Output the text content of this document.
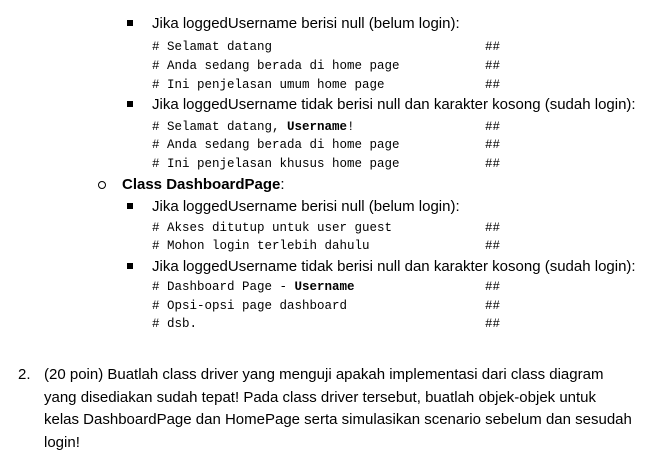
Jika loggedUsername berisi null (belum login):
# Selamat datang
# Anda sedang berada di home page
# Ini penjelasan umum home page
##
##
##
Jika loggedUsername tidak berisi null dan karakter kosong (sudah login):
# Selamat datang, Username!
# Anda sedang berada di home page
# Ini penjelasan khusus home page
##
##
##
Class DashboardPage:
Jika loggedUsername berisi null (belum login):
# Akses ditutup untuk user guest
# Mohon login terlebih dahulu
##
##
Jika loggedUsername tidak berisi null dan karakter kosong (sudah login):
# Dashboard Page - Username
# Opsi-opsi page dashboard
# dsb.
##
##
##
2. (20 poin) Buatlah class driver yang menguji apakah implementasi dari class diagram
yang disediakan sudah tepat! Pada class driver tersebut, buatlah objek-objek untuk
kelas DashboardPage dan HomePage serta simulasikan scenario sebelum dan sesudah
login!
